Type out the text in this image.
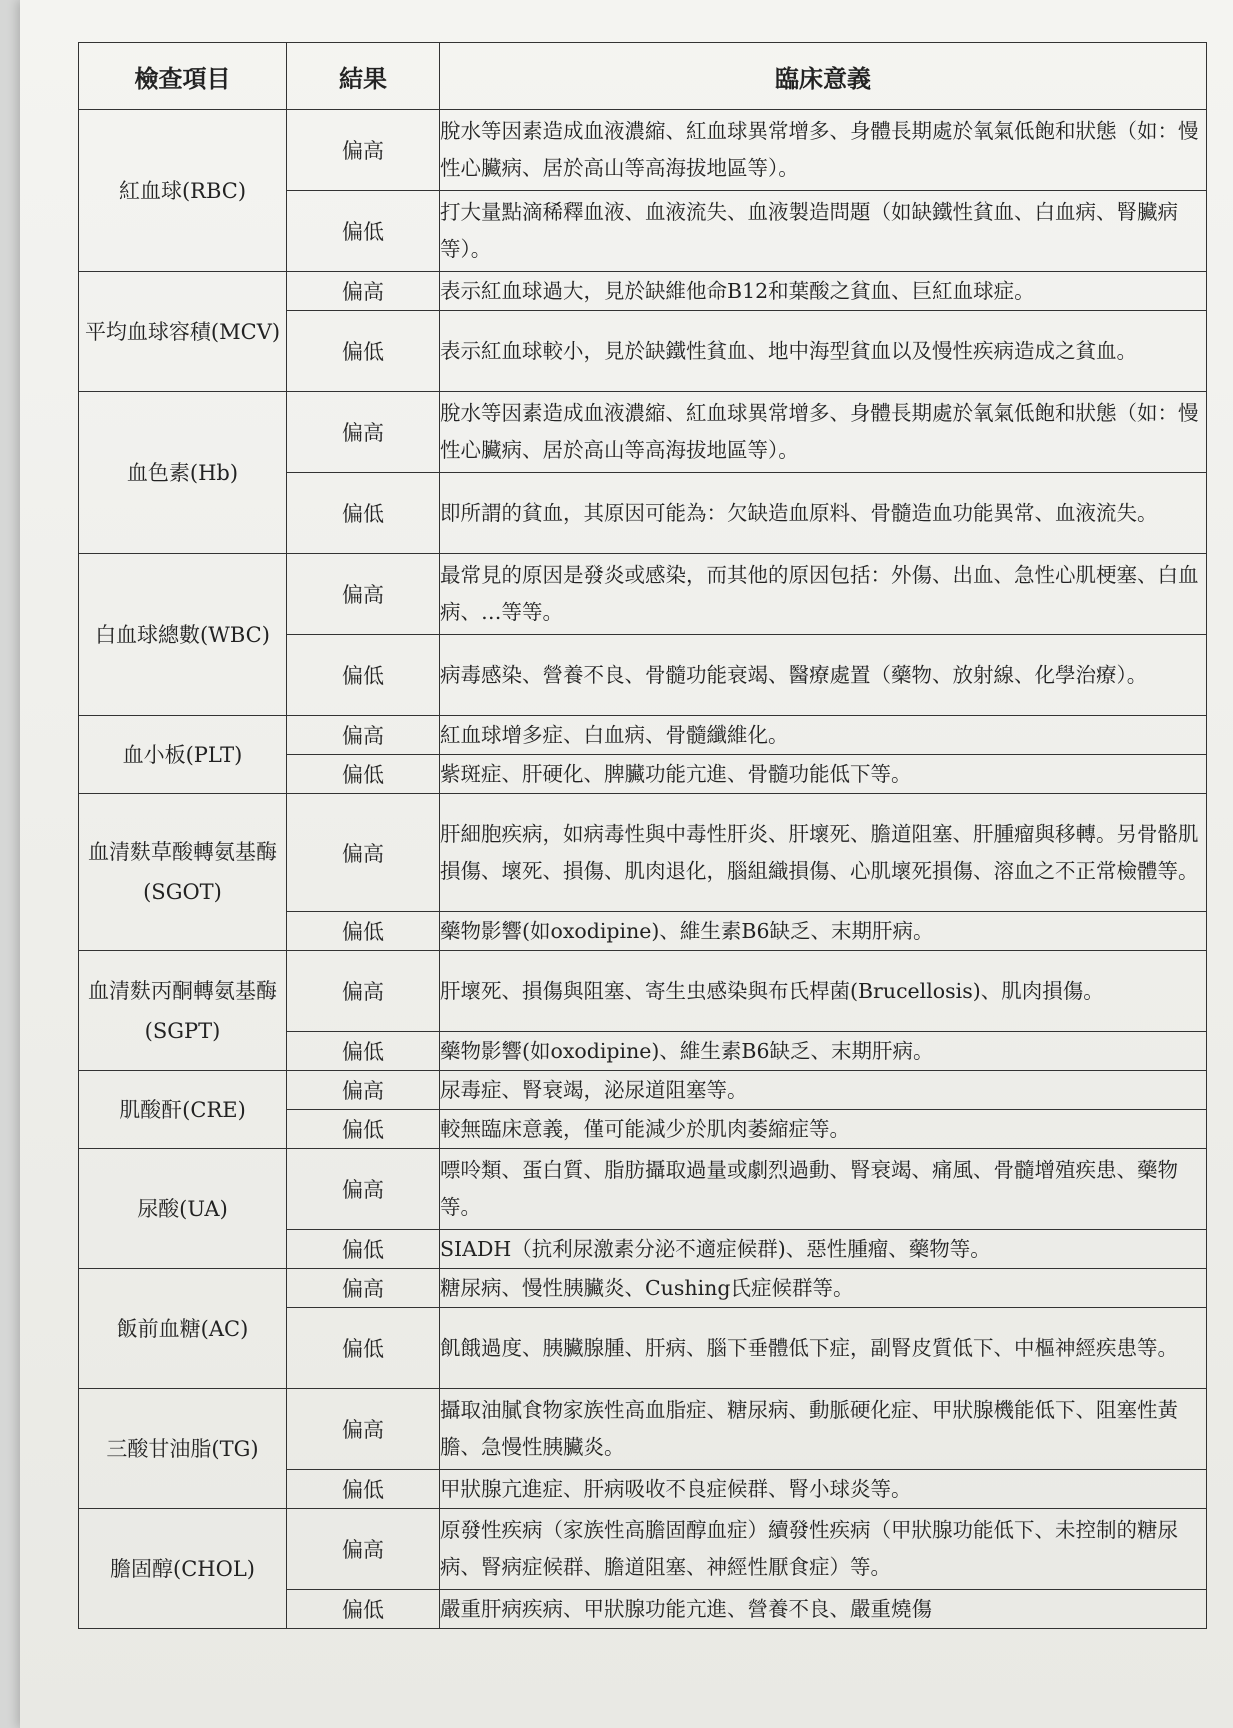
檢查項目	結果	臨床意義
紅血球(RBC)	偏高	脫水等因素造成血液濃縮、紅血球異常增多、身體長期處於氧氣低飽和狀態（如：慢性心臟病、居於高山等高海拔地區等）。
	偏低	打大量點滴稀釋血液、血液流失、血液製造問題（如缺鐵性貧血、白血病、腎臟病等）。
平均血球容積(MCV)	偏高	表示紅血球過大，見於缺維他命B12和葉酸之貧血、巨紅血球症。
	偏低	表示紅血球較小，見於缺鐵性貧血、地中海型貧血以及慢性疾病造成之貧血。
血色素(Hb)	偏高	脫水等因素造成血液濃縮、紅血球異常增多、身體長期處於氧氣低飽和狀態（如：慢性心臟病、居於高山等高海拔地區等）。
	偏低	即所謂的貧血，其原因可能為：欠缺造血原料、骨髓造血功能異常、血液流失。
白血球總數(WBC)	偏高	最常見的原因是發炎或感染，而其他的原因包括：外傷、出血、急性心肌梗塞、白血病、…等等。
	偏低	病毒感染、營養不良、骨髓功能衰竭、醫療處置（藥物、放射線、化學治療）。
血小板(PLT)	偏高	紅血球增多症、白血病、骨髓纖維化。
	偏低	紫斑症、肝硬化、脾臟功能亢進、骨髓功能低下等。
血清麩草酸轉氨基酶(SGOT)	偏高	肝細胞疾病，如病毒性與中毒性肝炎、肝壞死、膽道阻塞、肝腫瘤與移轉。另骨骼肌損傷、壞死、損傷、肌肉退化，腦組織損傷、心肌壞死損傷、溶血之不正常檢體等。
	偏低	藥物影響(如oxodipine)、維生素B6缺乏、末期肝病。
血清麩丙酮轉氨基酶(SGPT)	偏高	肝壞死、損傷與阻塞、寄生虫感染與布氏桿菌(Brucellosis)、肌肉損傷。
	偏低	藥物影響(如oxodipine)、維生素B6缺乏、末期肝病。
肌酸酐(CRE)	偏高	尿毒症、腎衰竭，泌尿道阻塞等。
	偏低	較無臨床意義，僅可能減少於肌肉萎縮症等。
尿酸(UA)	偏高	嘌呤類、蛋白質、脂肪攝取過量或劇烈過動、腎衰竭、痛風、骨髓增殖疾患、藥物等。
	偏低	SIADH（抗利尿激素分泌不適症候群)、惡性腫瘤、藥物等。
飯前血糖(AC)	偏高	糖尿病、慢性胰臟炎、Cushing氏症候群等。
	偏低	飢餓過度、胰臟腺腫、肝病、腦下垂體低下症，副腎皮質低下、中樞神經疾患等。
三酸甘油脂(TG)	偏高	攝取油膩食物家族性高血脂症、糖尿病、動脈硬化症、甲狀腺機能低下、阻塞性黃膽、急慢性胰臟炎。
	偏低	甲狀腺亢進症、肝病吸收不良症候群、腎小球炎等。
膽固醇(CHOL)	偏高	原發性疾病（家族性高膽固醇血症）續發性疾病（甲狀腺功能低下、未控制的糖尿病、腎病症候群、膽道阻塞、神經性厭食症）等。
	偏低	嚴重肝病疾病、甲狀腺功能亢進、營養不良、嚴重燒傷
